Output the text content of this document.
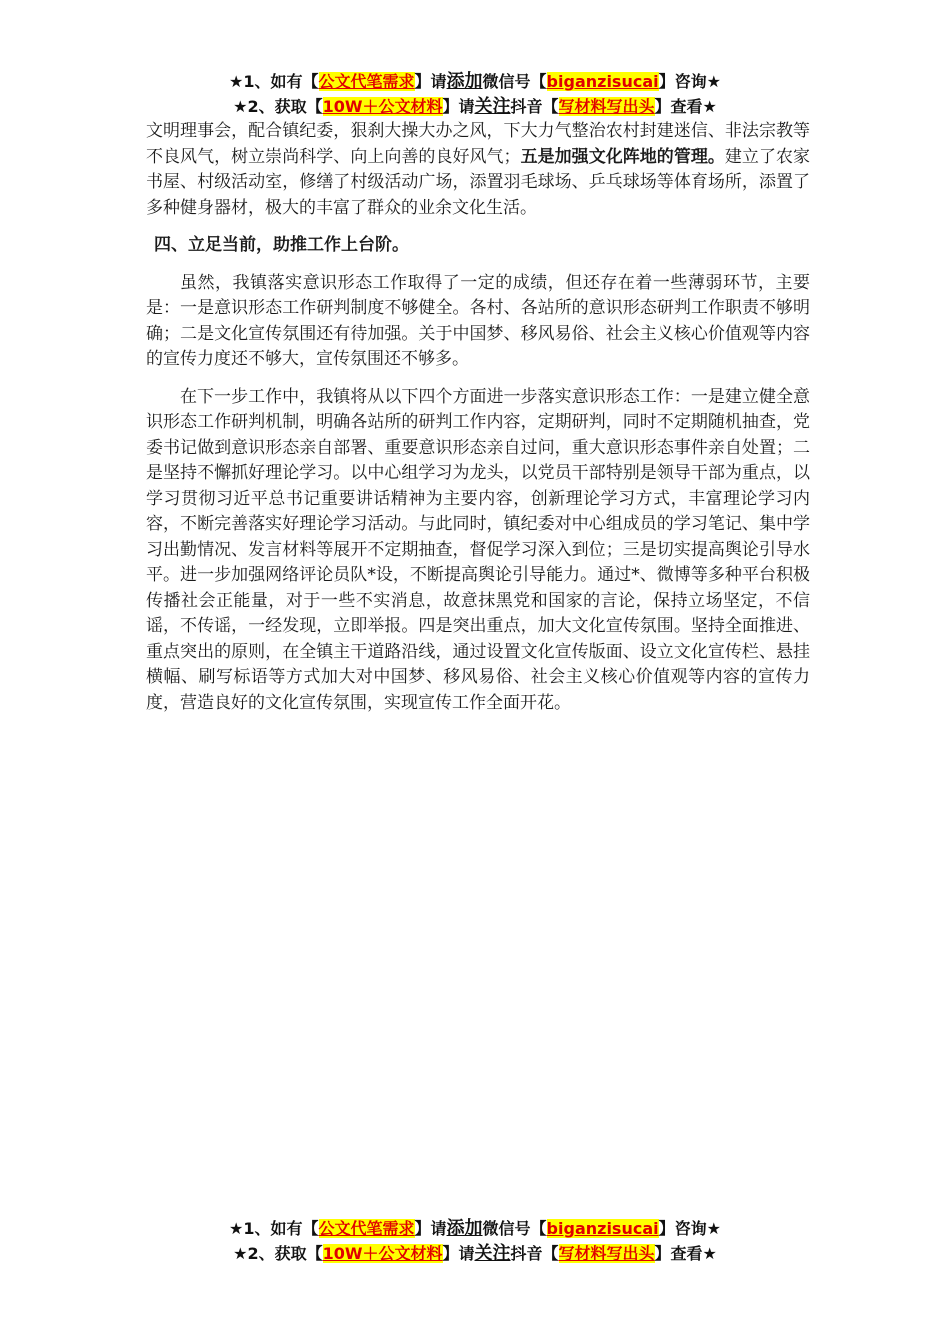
★1、如有【公文代笔需求】请添加微信号【biganzisucai】咨询★
★2、获取【10W＋公文材料】请关注抖音【写材料写出头】查看★

文明理事会，配合镇纪委，狠刹大操大办之风，下大力气整治农村封建迷信、非法宗教等不良风气，树立崇尚科学、向上向善的良好风气；五是加强文化阵地的管理。建立了农家书屋、村级活动室，修缮了村级活动广场，添置羽毛球场、乒乓球场等体育场所，添置了多种健身器材，极大的丰富了群众的业余文化生活。

四、立足当前，助推工作上台阶。

虽然，我镇落实意识形态工作取得了一定的成绩，但还存在着一些薄弱环节，主要是：一是意识形态工作研判制度不够健全。各村、各站所的意识形态研判工作职责不够明确；二是文化宣传氛围还有待加强。关于中国梦、移风易俗、社会主义核心价值观等内容的宣传力度还不够大，宣传氛围还不够多。

在下一步工作中，我镇将从以下四个方面进一步落实意识形态工作：一是建立健全意识形态工作研判机制，明确各站所的研判工作内容，定期研判，同时不定期随机抽查，党委书记做到意识形态亲自部署、重要意识形态亲自过问，重大意识形态事件亲自处置；二是坚持不懈抓好理论学习。以中心组学习为龙头，以党员干部特别是领导干部为重点，以学习贯彻习近平总书记重要讲话精神为主要内容，创新理论学习方式，丰富理论学习内容，不断完善落实好理论学习活动。与此同时，镇纪委对中心组成员的学习笔记、集中学习出勤情况、发言材料等展开不定期抽查，督促学习深入到位；三是切实提高舆论引导水平。进一步加强网络评论员队*设，不断提高舆论引导能力。通过*、微博等多种平台积极传播社会正能量，对于一些不实消息，故意抹黑党和国家的言论，保持立场坚定，不信谣，不传谣，一经发现，立即举报。四是突出重点，加大文化宣传氛围。坚持全面推进、重点突出的原则，在全镇主干道路沿线，通过设置文化宣传版面、设立文化宣传栏、悬挂横幅、刷写标语等方式加大对中国梦、移风易俗、社会主义核心价值观等内容的宣传力度，营造良好的文化宣传氛围，实现宣传工作全面开花。

★1、如有【公文代笔需求】请添加微信号【biganzisucai】咨询★
★2、获取【10W＋公文材料】请关注抖音【写材料写出头】查看★
